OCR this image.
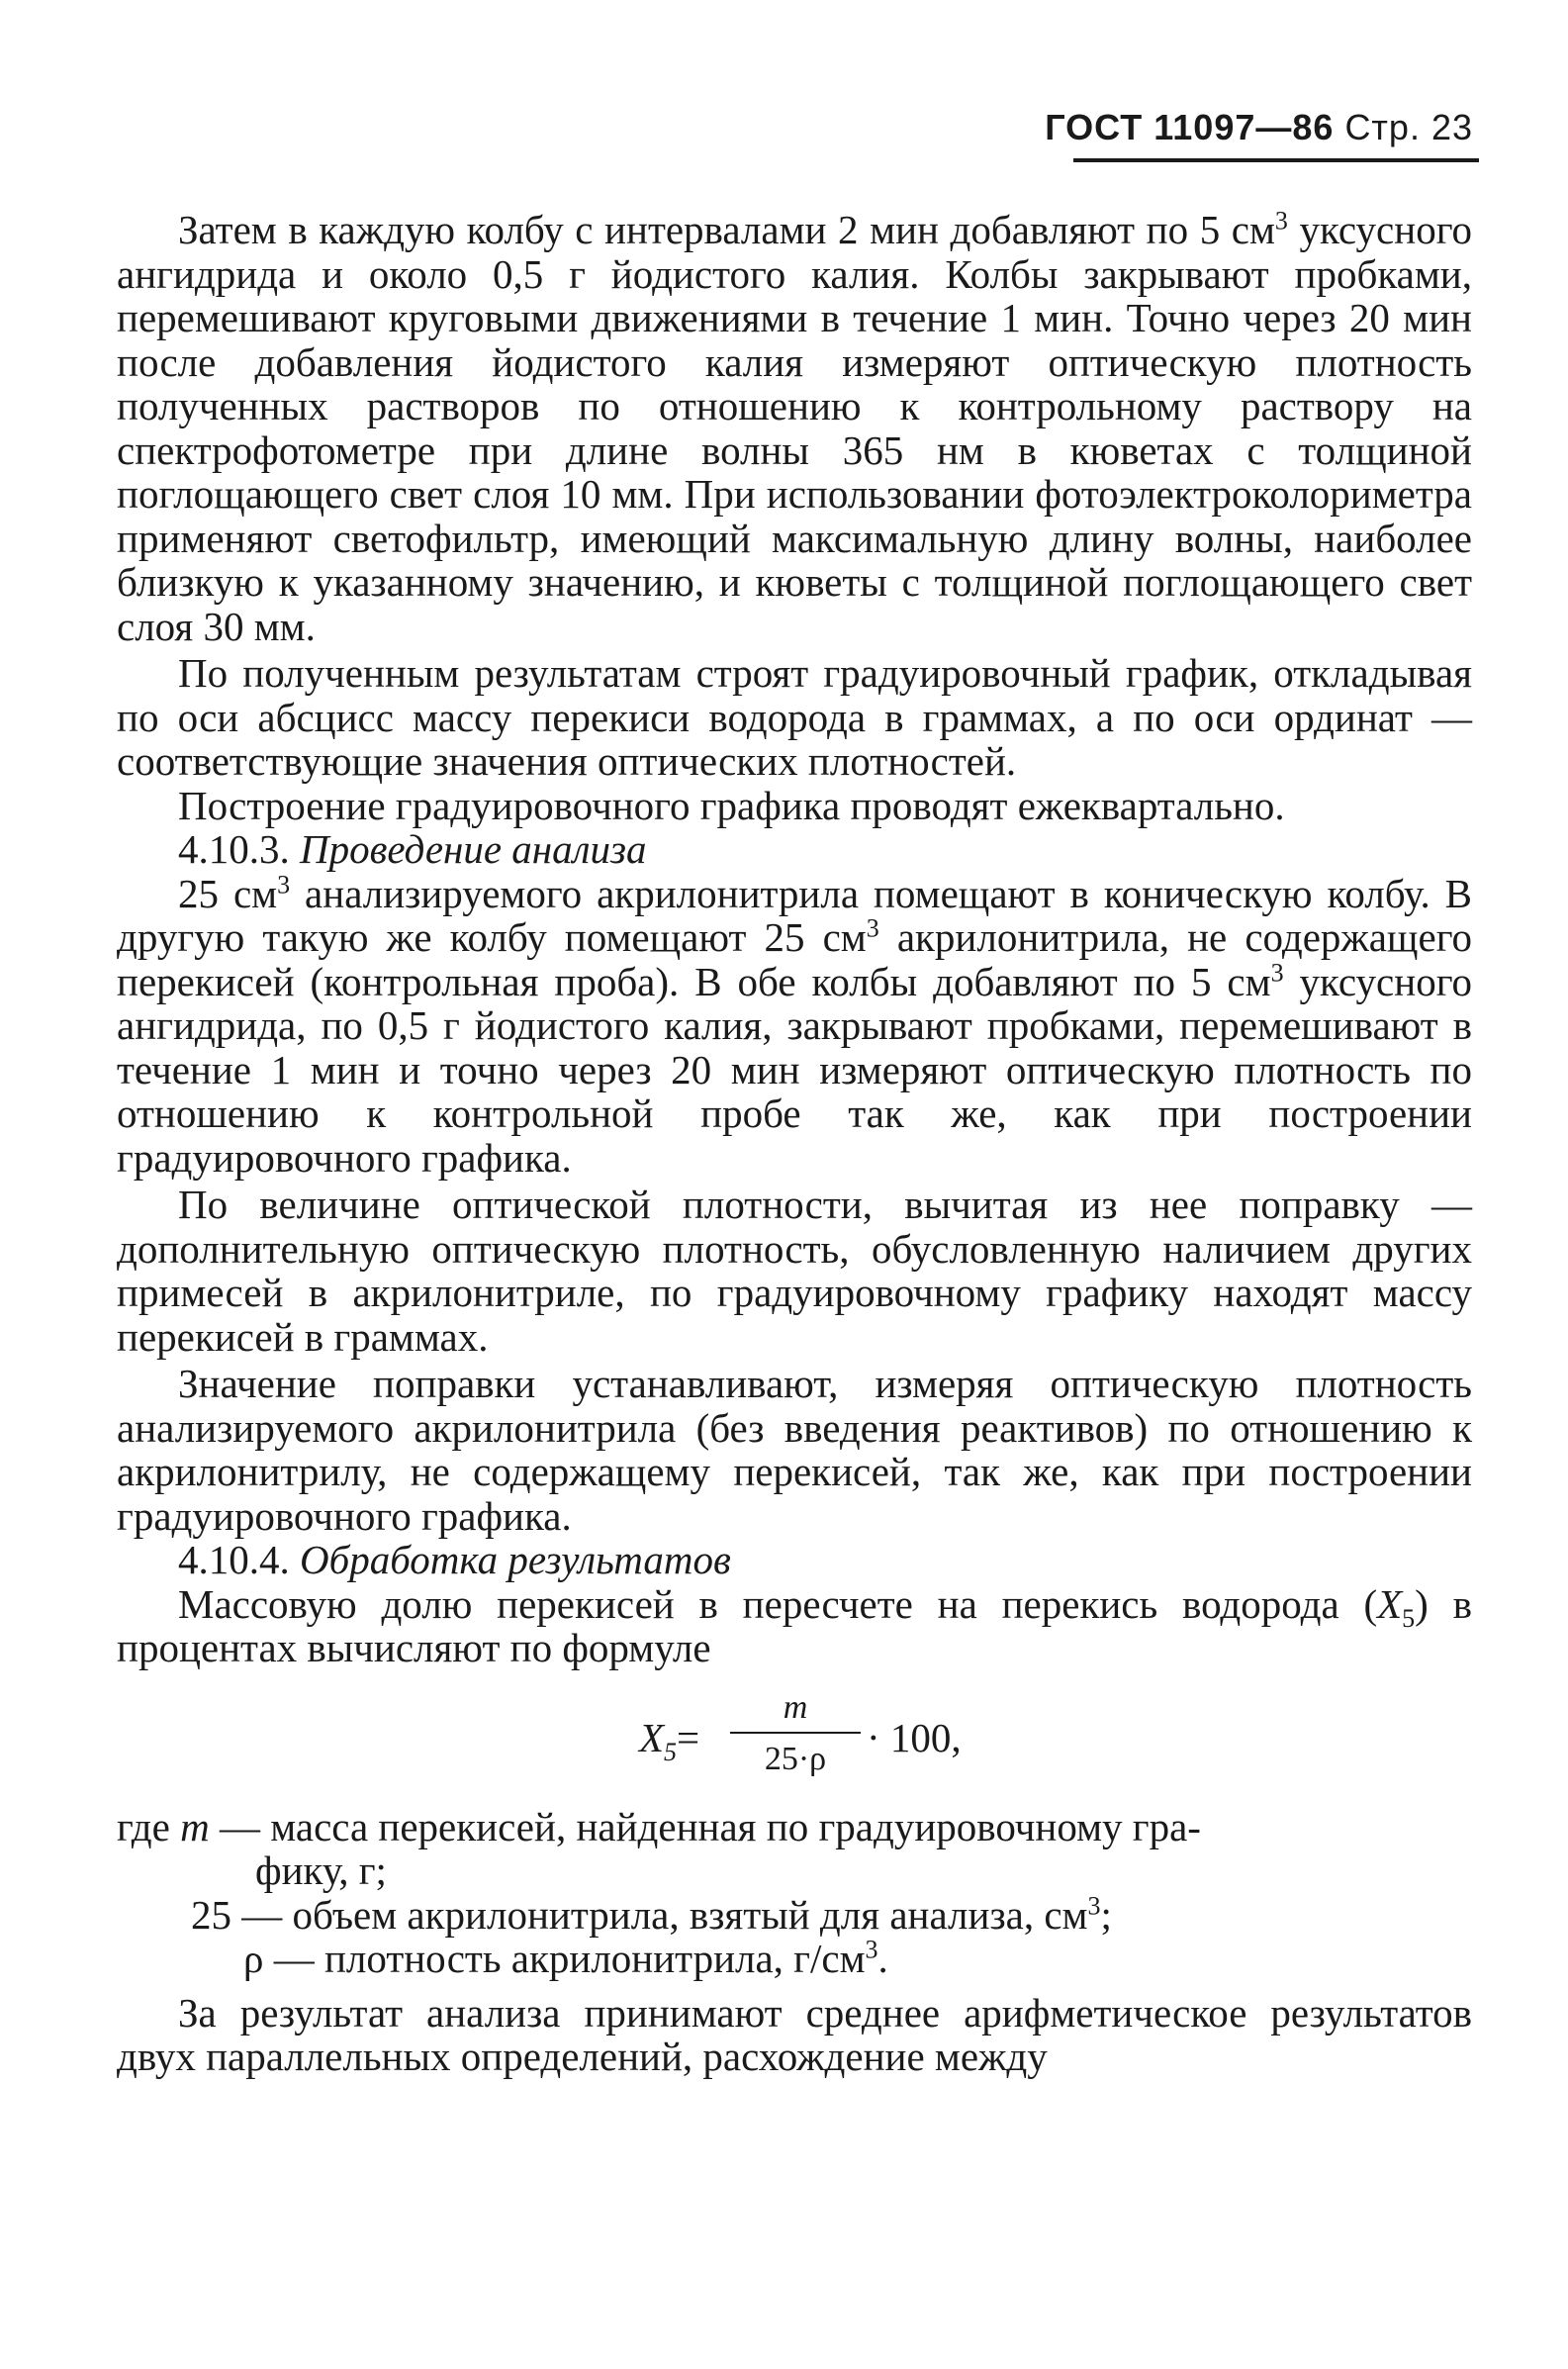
ГОСТ 11097—86 Стр. 23

Затем в каждую колбу с интервалами 2 мин добавляют по 5 $см^3$ уксусного ангидрида и около 0,5 г йодистого калия. Колбы закрывают пробками, перемешивают круговыми движениями в течение 1 мин. Точно через 20 мин после добавления йодистого калия измеряют оптическую плотность полученных растворов по отношению к контрольному раствору на спектрофотометре при длине волны 365 нм в кюветах с толщиной поглощающего свет слоя 10 мм. При использовании фотоэлектроколориметра применяют светофильтр, имеющий максимальную длину волны, наиболее близкую к указанному значению, и кюветы с толщиной поглощающего свет слоя 30 мм.

По полученным результатам строят градуировочный график, откладывая по оси абсцисс массу перекиси водорода в граммах, а по оси ординат — соответствующие значения оптических плотностей.

Построение градуировочного графика проводят ежеквартально.

4.10.3. Проведение анализа

25 $см^3$ анализируемого акрилонитрила помещают в коническую колбу. В другую такую же колбу помещают 25 $см^3$ акрилонитрила, не содержащего перекисей (контрольная проба). В обе колбы добавляют по 5 $см^3$ уксусного ангидрида, по 0,5 г йодистого калия, закрывают пробками, перемешивают в течение 1 мин и точно через 20 мин измеряют оптическую плотность по отношению к контрольной пробе так же, как при построении градуировочного графика.

По величине оптической плотности, вычитая из нее поправку — дополнительную оптическую плотность, обусловленную наличием других примесей в акрилонитриле, по градуировочному графику находят массу перекисей в граммах.

Значение поправки устанавливают, измеряя оптическую плотность анализируемого акрилонитрила (без введения реактивов) по отношению к акрилонитрилу, не содержащему перекисей, так же, как при построении градуировочного графика.

4.10.4. Обработка результатов

Массовую долю перекисей в пересчете на перекись водорода $(X_5)$ в процентах вычисляют по формуле

$X_5=$
m
25·ρ · 100,
где m — масса перекисей, найденная по градуировочному гра-
фику, г;
25 — объем акрилонитрила, взятый для анализа, $см^3$;
ρ — плотность акрилонитрила, $г/см^3$.

За результат анализа принимают среднее арифметическое результатов двух параллельных определений, расхождение между
